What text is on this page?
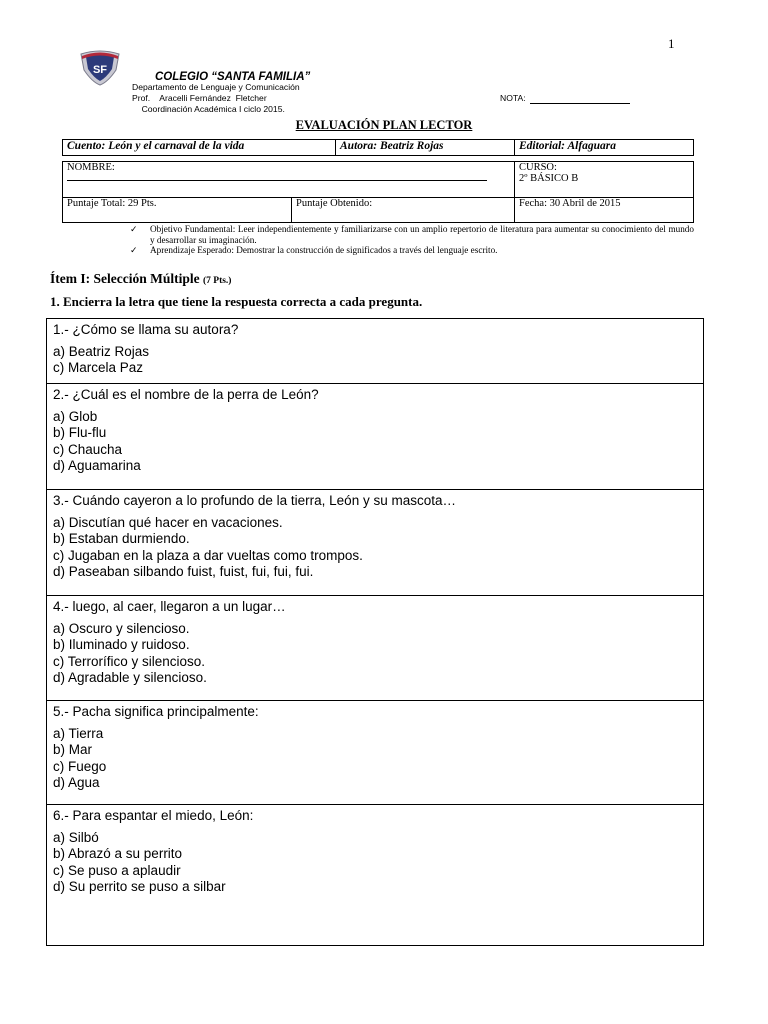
1
SF
COLEGIO “SANTA FAMILIA”
Departamento de Lenguaje y Comunicación
Prof.    Aracelli Fernández  Fletcher
Coordinación Académica I ciclo 2015.
NOTA:
EVALUACIÓN PLAN LECTOR
Cuento: León y el carnaval de la vida	Autora: Beatriz Rojas	Editorial: Alfaguara

NOMBRE:		CURSO:
2º BÁSICO B

Puntaje Total: 29 Pts. Puntaje Obtenido:		Fecha: 30 Abril de 2015
✓	Objetivo Fundamental: Leer independientemente y familiarizarse con un amplio repertorio de literatura para aumentar su conocimiento del mundo y desarrollar su imaginación.
✓	Aprendizaje Esperado: Demostrar la construcción de significados a través del lenguaje escrito.
Ítem I: Selección Múltiple (7 Pts.)
1. Encierra la letra que tiene la respuesta correcta a cada pregunta.
1.- ¿Cómo se llama su autora?
a) Beatriz Rojas
c) Marcela Paz
2.- ¿Cuál es el nombre de la perra de León?
a) Glob
b) Flu-flu
c) Chaucha
d) Aguamarina
3.- Cuándo cayeron a lo profundo de la tierra, León y su mascota…
a) Discutían qué hacer en vacaciones.
b) Estaban durmiendo.
c) Jugaban en la plaza a dar vueltas como trompos.
d) Paseaban silbando fuist, fuist, fui, fui, fui.
4.- luego, al caer, llegaron a un lugar…
a) Oscuro y silencioso.
b) Iluminado y ruidoso.
c) Terrorífico y silencioso.
d) Agradable y silencioso.
5.- Pacha significa principalmente:
a) Tierra
b) Mar
c) Fuego
d) Agua
6.- Para espantar el miedo, León:
a) Silbó
b) Abrazó a su perrito
c) Se puso a aplaudir
d) Su perrito se puso a silbar
